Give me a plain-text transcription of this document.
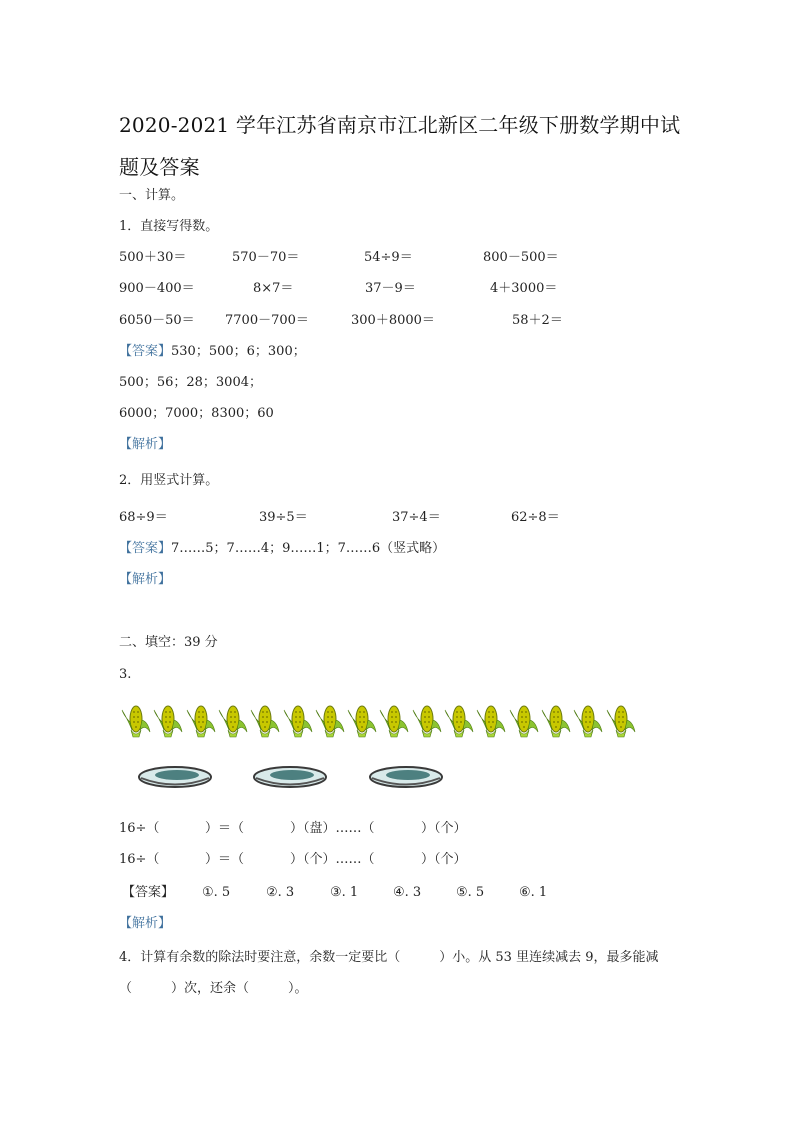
2020-2021 学年江苏省南京市江北新区二年级下册数学期中试题及答案
一、计算。
1．直接写得数。
500＋30＝	570－70＝	54÷9＝	800－500＝
900－400＝	8×7＝	37－9＝	4＋3000＝
6050－50＝ 7700－700＝	300＋8000＝	58＋2＝
【答案】530；500；6；300；
500；56；28；3004；
6000；7000；8300；60
【解析】
2．用竖式计算。
68÷9＝	39÷5＝	37÷4＝	62÷8＝
【答案】7……5；7……4；9……1；7……6（竖式略）
【解析】
二、填空：39 分
3.
16÷（	）＝（	）（盘）……（	）（个）
16÷（	）＝（	）（个）……（	）（个）
【答案】 ①. 5	②. 3	③. 1	④. 3	⑤. 5	⑥. 1
【解析】
4．计算有余数的除法时要注意，余数一定要比（　　　）小。从 53 里连续减去 9，最多能减（　　　）次，还余（　　　）。
